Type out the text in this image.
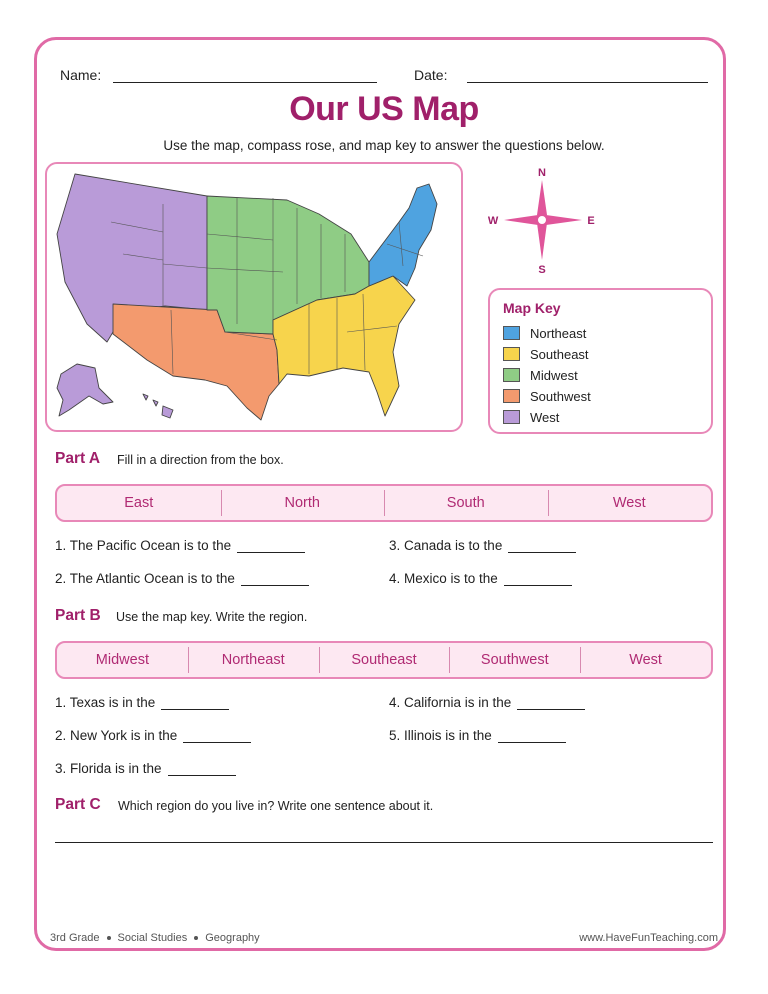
Name:	Date:
Our US Map
Use the map, compass rose, and map key to answer the questions below.
N
S
W	E
Map Key
Northeast
Southeast
Midwest
Southwest
West
Part A Fill in a direction from the box.
East	North	South	West
1. The Pacific Ocean is to the
2. The Atlantic Ocean is to the
3. Canada is to the
4. Mexico is to the
Part B Use the map key. Write the region.
Midwest	Northeast	Southeast	Southwest	West
1. Texas is in the
2. New York is in the
3. Florida is in the
4. California is in the
5. Illinois is in the
Part C Which region do you live in? Write one sentence about it.
3rd Grade Social Studies Geography	www.HaveFunTeaching.com
